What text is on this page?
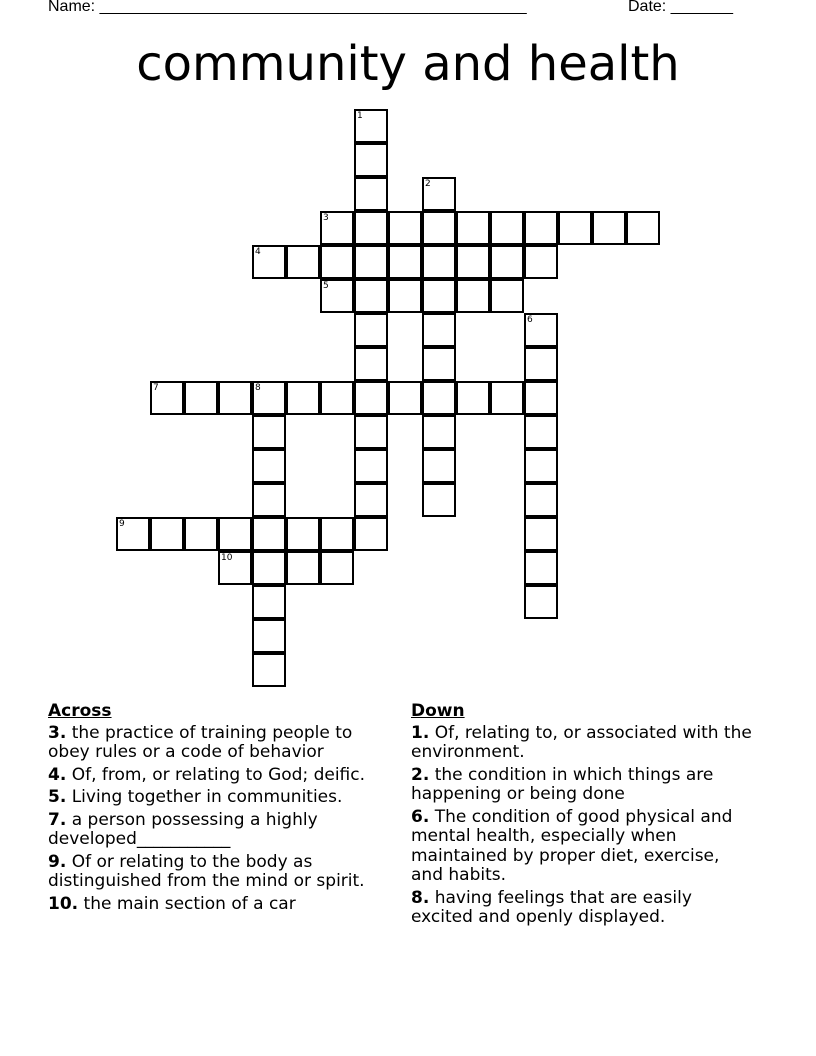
Name: ________________________________________________	Date: _______
community and health
1
3
4
5
2
6
7	8
9
10
Across
3. the practice of training people to obey rules or a code of behavior
4. Of, from, or relating to God; deific.
5. Living together in communities.
7. a person possessing a highly developed___________
9. Of or relating to the body as distinguished from the mind or spirit.
10. the main section of a car
Down
1. Of, relating to, or associated with the environment.
2. the condition in which things are happening or being done
6. The condition of good physical and mental health, especially when maintained by proper diet, exercise, and habits.
8. having feelings that are easily excited and openly displayed.
